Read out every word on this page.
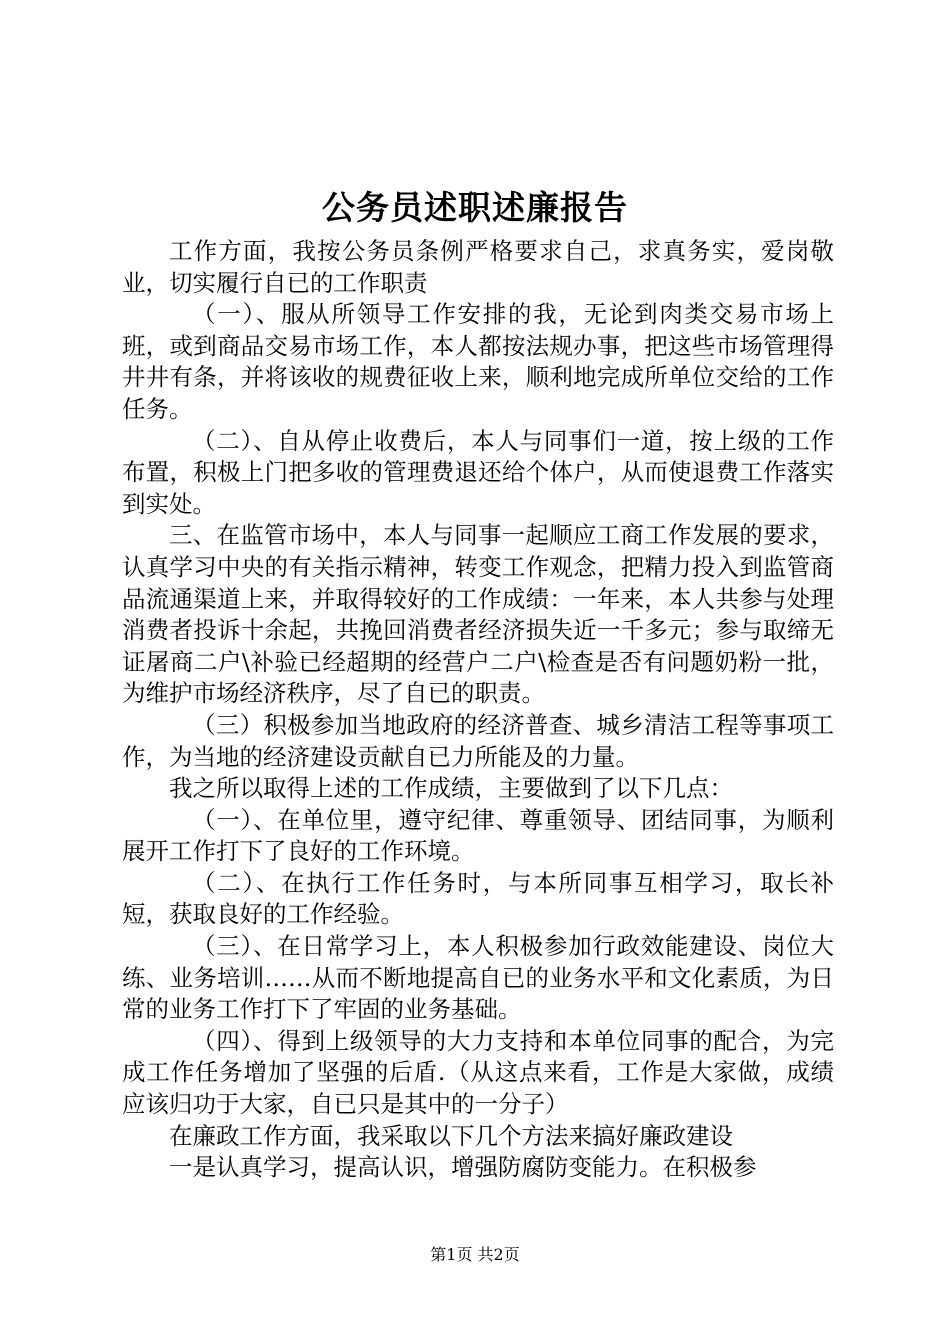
公务员述职述廉报告

工作方面，我按公务员条例严格要求自己，求真务实，爱岗敬业，切实履行自已的工作职责

（一）、服从所领导工作安排的我，无论到肉类交易市场上班，或到商品交易市场工作，本人都按法规办事，把这些市场管理得井井有条，并将该收的规费征收上来，顺利地完成所单位交给的工作任务。

（二）、自从停止收费后，本人与同事们一道，按上级的工作布置，积极上门把多收的管理费退还给个体户，从而使退费工作落实到实处。

三、在监管市场中，本人与同事一起顺应工商工作发展的要求，认真学习中央的有关指示精神，转变工作观念，把精力投入到监管商品流通渠道上来，并取得较好的工作成绩：一年来，本人共参与处理消费者投诉十余起，共挽回消费者经济损失近一千多元；参与取缔无证屠商二户\补验已经超期的经营户二户\检查是否有问题奶粉一批，为维护市场经济秩序，尽了自已的职责。

（三）积极参加当地政府的经济普查、城乡清洁工程等事项工作，为当地的经济建设贡献自已力所能及的力量。

我之所以取得上述的工作成绩，主要做到了以下几点：

（一）、在单位里，遵守纪律、尊重领导、团结同事，为顺利展开工作打下了良好的工作环境。

（二）、在执行工作任务时，与本所同事互相学习，取长补短，获取良好的工作经验。

（三）、在日常学习上，本人积极参加行政效能建设、岗位大练、业务培训……从而不断地提高自已的业务水平和文化素质，为日常的业务工作打下了牢固的业务基础。

（四）、得到上级领导的大力支持和本单位同事的配合，为完成工作任务增加了坚强的后盾.（从这点来看，工作是大家做，成绩应该归功于大家，自已只是其中的一分子）

在廉政工作方面，我采取以下几个方法来搞好廉政建设

一是认真学习，提高认识，增强防腐防变能力。在积极参

第1页 共2页
